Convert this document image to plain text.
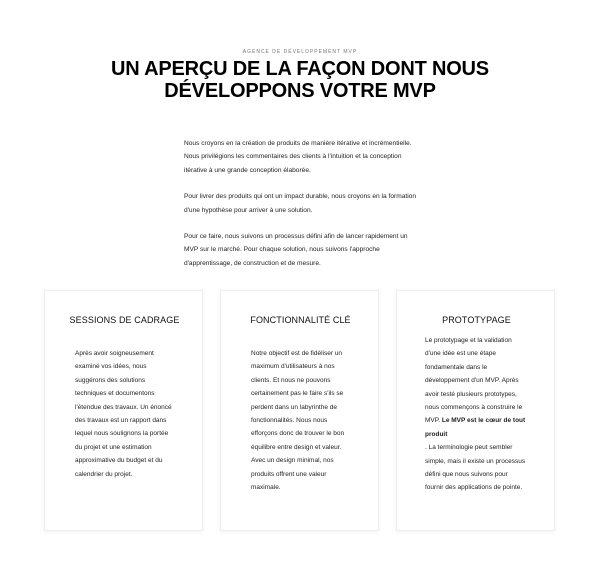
AGENCE DE DÉVELOPPEMENT MVP
UN APERÇU DE LA FAÇON DONT NOUS DÉVELOPPONS VOTRE MVP

Nous croyons en la création de produits de manière itérative et incrémentielle. Nous privilégions les commentaires des clients à l'intuition et la conception itérative à une grande conception élaborée.

Pour livrer des produits qui ont un impact durable, nous croyons en la formation d'une hypothèse pour arriver à une solution.

Pour ce faire, nous suivons un processus défini afin de lancer rapidement un MVP sur le marché. Pour chaque solution, nous suivons l'approche d'apprentissage, de construction et de mesure.

SESSIONS DE CADRAGE
Après avoir soigneusement examiné vos idées, nous suggérons des solutions techniques et documentons l'étendue des travaux. Un énoncé des travaux est un rapport dans lequel nous soulignons la portée du projet et une estimation approximative du budget et du calendrier du projet.
FONCTIONNALITÉ CLÉ
Notre objectif est de fidéliser un maximum d'utilisateurs à nos clients. Et nous ne pouvons certainement pas le faire s'ils se perdent dans un labyrinthe de fonctionnalités. Nous nous efforçons donc de trouver le bon équilibre entre design et valeur. Avec un design minimal, nos produits offrent une valeur maximale.
PROTOTYPAGE
Le prototypage et la validation d'une idée est une étape fondamentale dans le développement d'un MVP. Après avoir testé plusieurs prototypes, nous commençons à construire le MVP. Le MVP est le cœur de tout produit
. La terminologie peut sembler simple, mais il existe un processus défini que nous suivons pour fournir des applications de pointe.
